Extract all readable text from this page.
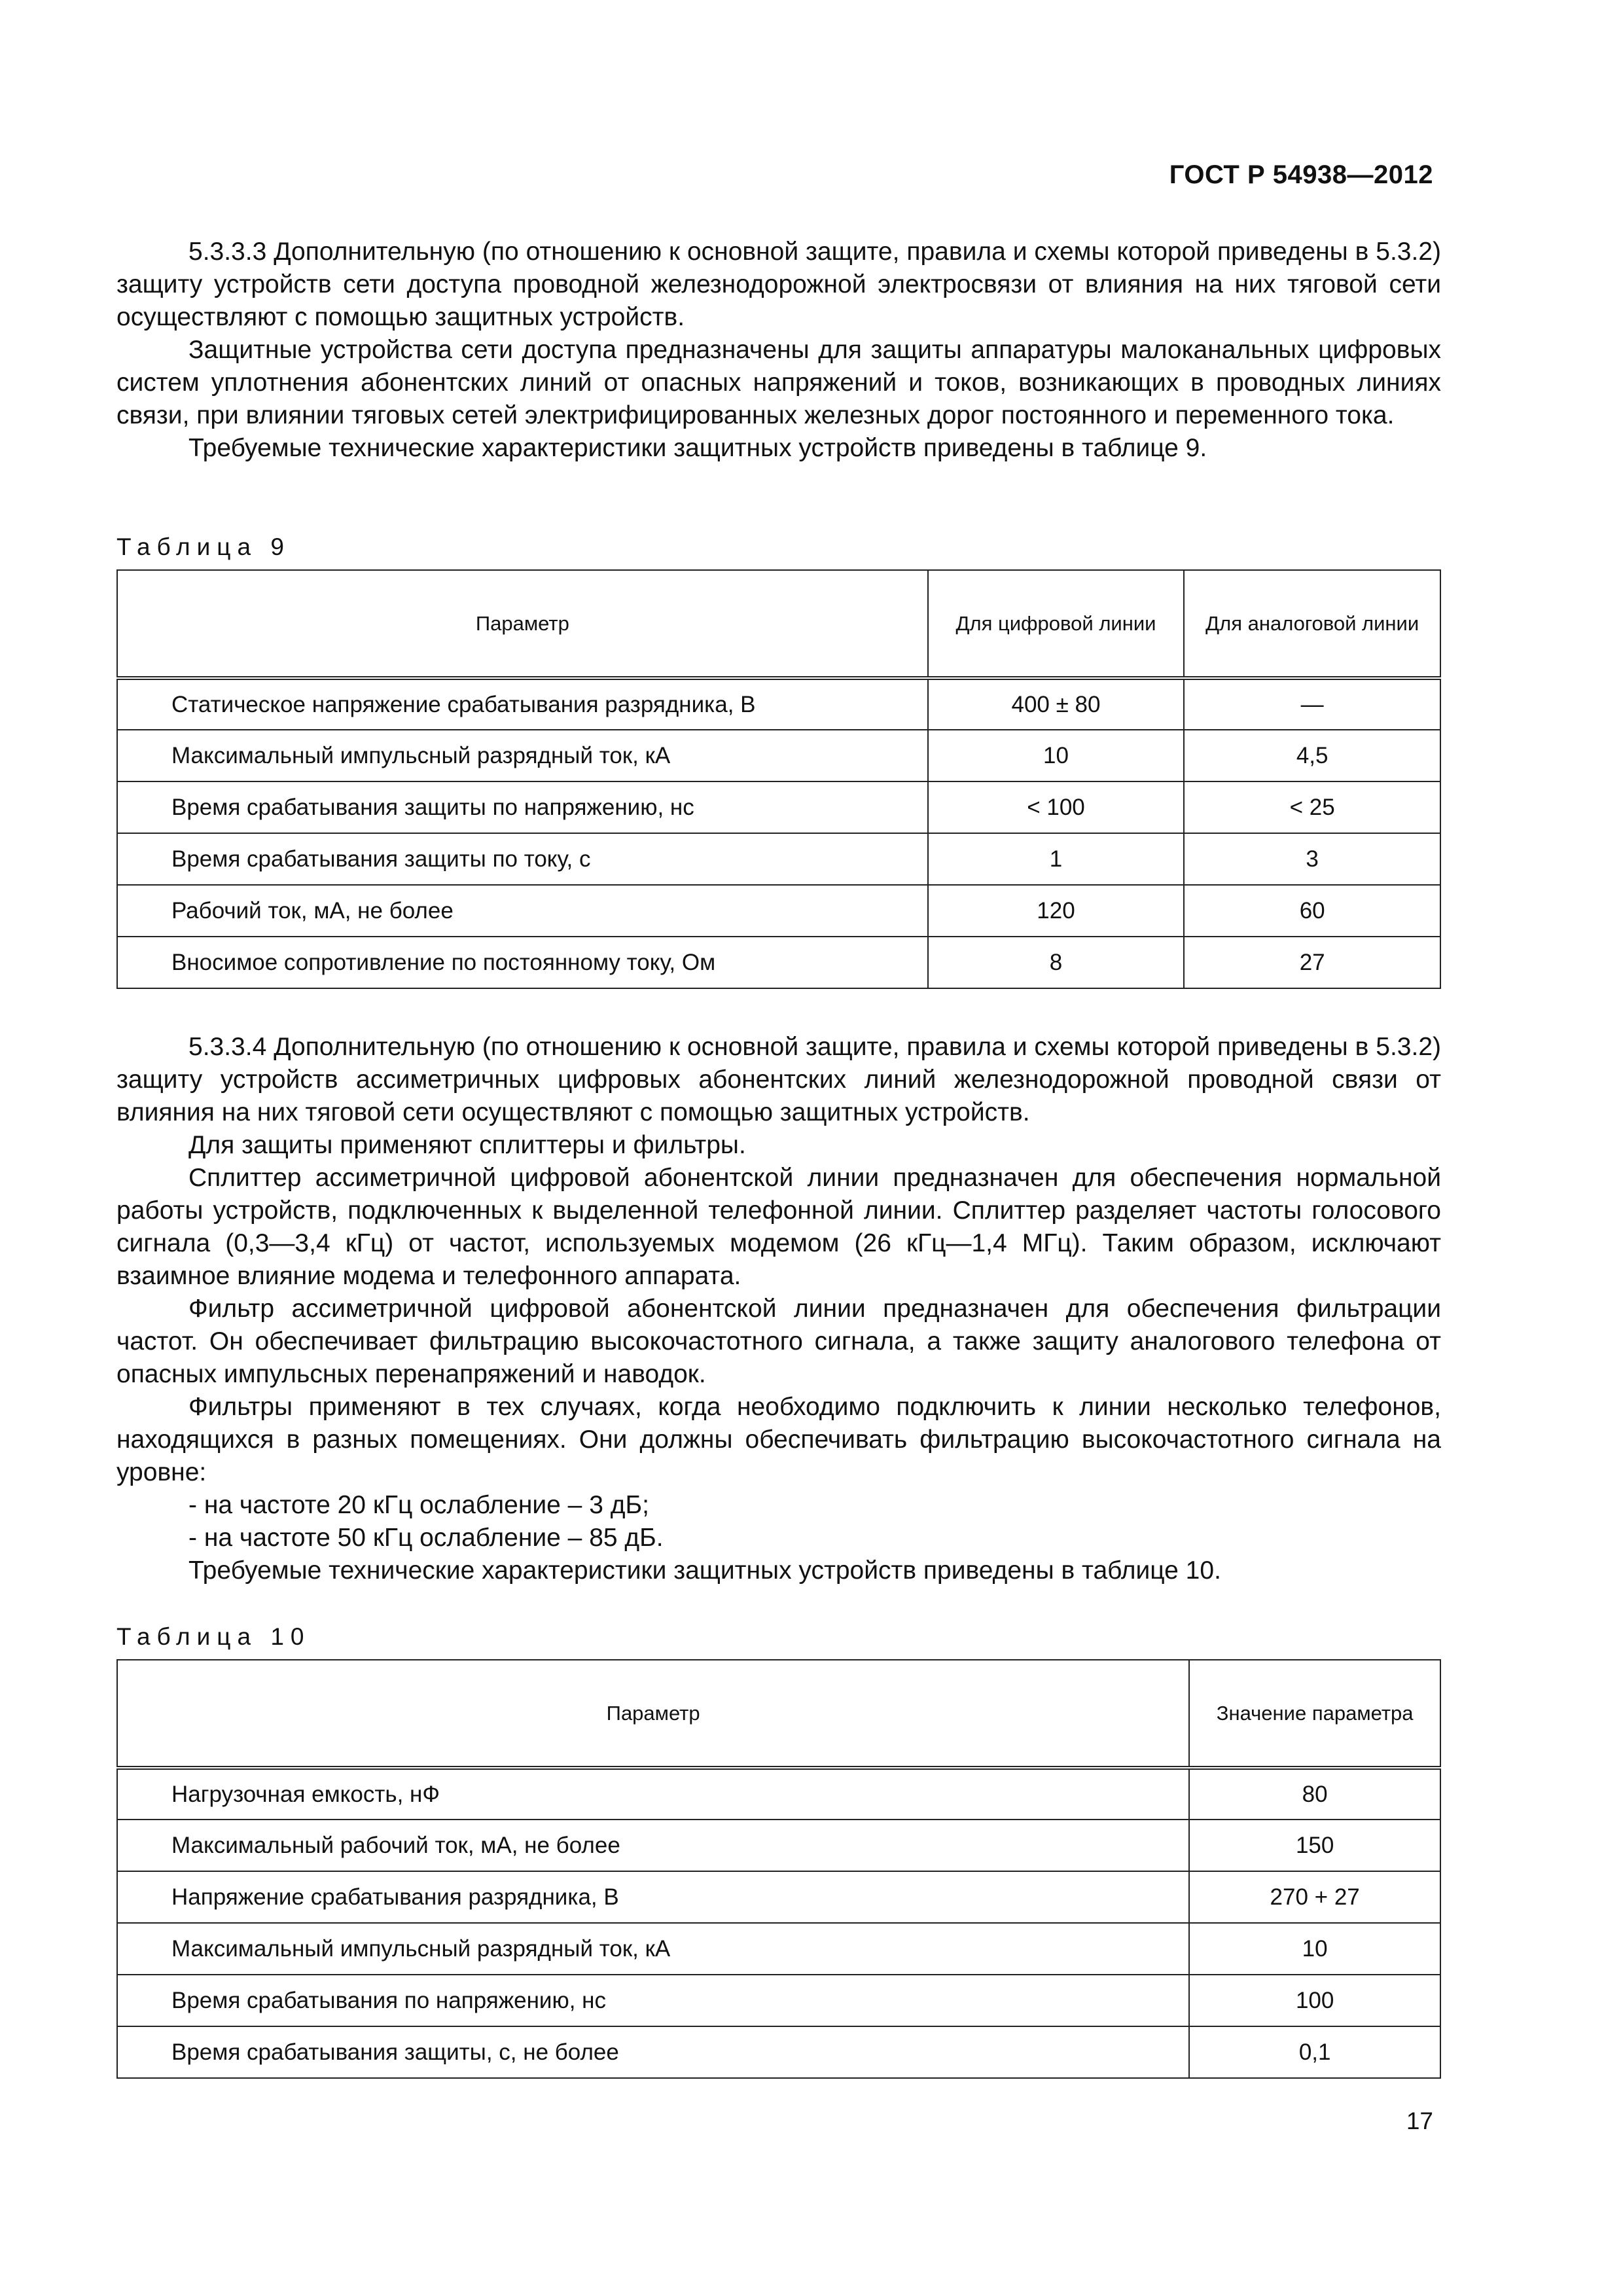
ГОСТ Р 54938—2012

5.3.3.3 Дополнительную (по отношению к основной защите, правила и схемы которой приведены в 5.3.2) защиту устройств сети доступа проводной железнодорожной электросвязи от влияния на них тяговой сети осуществляют с помощью защитных устройств.

Защитные устройства сети доступа предназначены для защиты аппаратуры малоканальных цифровых систем уплотнения абонентских линий от опасных напряжений и токов, возникающих в проводных линиях связи, при влиянии тяговых сетей электрифицированных железных дорог постоянного и переменного тока.

Требуемые технические характеристики защитных устройств приведены в таблице 9.

Таблица 9
Параметр	Для цифровой линии	Для аналоговой линии
Статическое напряжение срабатывания разрядника, В	400 ± 80	—
Максимальный импульсный разрядный ток, кА	10	4,5
Время срабатывания защиты по напряжению, нс	< 100	< 25
Время срабатывания защиты по току, с	1	3
Рабочий ток, мА, не более	120	60
Вносимое сопротивление по постоянному току, Ом	8	27

5.3.3.4 Дополнительную (по отношению к основной защите, правила и схемы которой приведены в 5.3.2) защиту устройств ассиметричных цифровых абонентских линий железнодорожной проводной связи от влияния на них тяговой сети осуществляют с помощью защитных устройств.

Для защиты применяют сплиттеры и фильтры.

Сплиттер ассиметричной цифровой абонентской линии предназначен для обеспечения нормальной работы устройств, подключенных к выделенной телефонной линии. Сплиттер разделяет частоты голосового сигнала (0,3—3,4 кГц) от частот, используемых модемом (26 кГц—1,4 МГц). Таким образом, исключают взаимное влияние модема и телефонного аппарата.

Фильтр ассиметричной цифровой абонентской линии предназначен для обеспечения фильтрации частот. Он обеспечивает фильтрацию высокочастотного сигнала, а также защиту аналогового телефона от опасных импульсных перенапряжений и наводок.

Фильтры применяют в тех случаях, когда необходимо подключить к линии несколько телефонов, находящихся в разных помещениях. Они должны обеспечивать фильтрацию высокочастотного сигнала на уровне:

- на частоте 20 кГц ослабление – 3 дБ;

- на частоте 50 кГц ослабление – 85 дБ.

Требуемые технические характеристики защитных устройств приведены в таблице 10.

Таблица 10
Параметр	Значение параметра
Нагрузочная емкость, нФ	80
Максимальный рабочий ток, мА, не более	150
Напряжение срабатывания разрядника, В	270 + 27
Максимальный импульсный разрядный ток, кА	10
Время срабатывания по напряжению, нс	100
Время срабатывания защиты, с, не более	0,1
17
